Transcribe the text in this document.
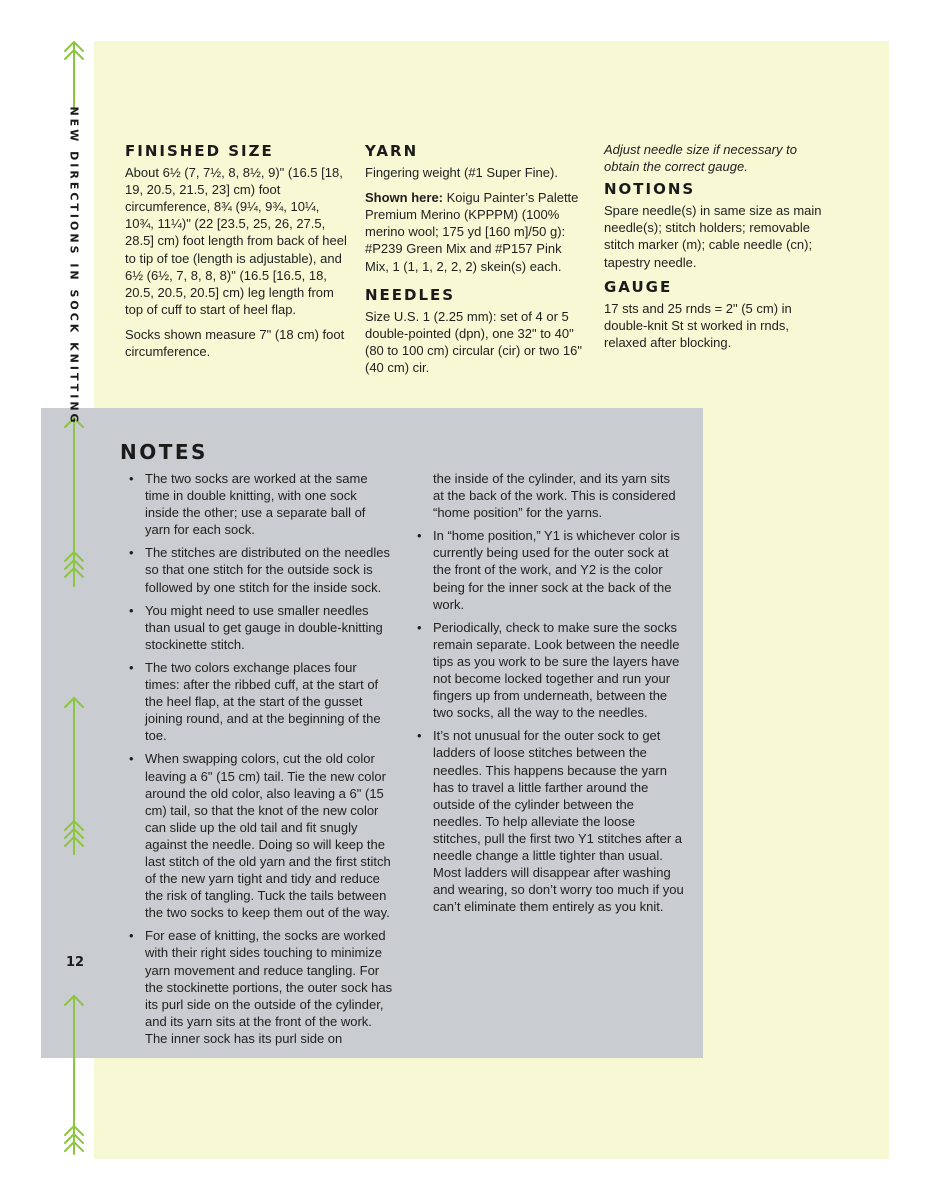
NEW DIRECTIONS IN SOCK KNITTING
12
FINISHED SIZE

About 6½ (7, 7½, 8, 8½, 9)" (16.5 [18, 19, 20.5, 21.5, 23] cm) foot circumference, 8¾ (9¼, 9¾, 10¼, 10¾, 11¼)" (22 [23.5, 25, 26, 27.5, 28.5] cm) foot length from back of heel to tip of toe (length is adjustable), and 6½ (6½, 7, 8, 8, 8)" (16.5 [16.5, 18, 20.5, 20.5, 20.5] cm) leg length from top of cuff to start of heel flap.

Socks shown measure 7" (18 cm) foot circumference.

YARN

Fingering weight (#1 Super Fine).

Shown here: Koigu Painter’s Palette Premium Merino (KPPPM) (100% merino wool; 175 yd [160 m]/50 g): #P239 Green Mix and #P157 Pink Mix, 1 (1, 1, 2, 2, 2) skein(s) each.

NEEDLES

Size U.S. 1 (2.25 mm): set of 4 or 5 double-pointed (dpn), one 32" to 40" (80 to 100 cm) circular (cir) or two 16" (40 cm) cir.

Adjust needle size if necessary to obtain the correct gauge.

NOTIONS

Spare needle(s) in same size as main needle(s); stitch holders; removable stitch marker (m); cable needle (cn); tapestry needle.

GAUGE

17 sts and 25 rnds = 2" (5 cm) in double-knit St st worked in rnds, relaxed after blocking.

NOTES
• The two socks are worked at the same time in double knitting, with one sock inside the other; use a separate ball of yarn for each sock.
• The stitches are distributed on the needles so that one stitch for the outside sock is followed by one stitch for the inside sock.
• You might need to use smaller needles than usual to get gauge in double-knitting stockinette stitch.
• The two colors exchange places four times: after the ribbed cuff, at the start of the heel flap, at the start of the gusset joining round, and at the beginning of the toe.
• When swapping colors, cut the old color leaving a 6" (15 cm) tail. Tie the new color around the old color, also leaving a 6" (15 cm) tail, so that the knot of the new color can slide up the old tail and fit snugly against the needle. Doing so will keep the last stitch of the old yarn and the first stitch of the new yarn tight and tidy and reduce the risk of tangling. Tuck the tails between the two socks to keep them out of the way.
• For ease of knitting, the socks are worked with their right sides touching to minimize yarn movement and reduce tangling. For the stockinette portions, the outer sock has its purl side on the outside of the cylinder, and its yarn sits at the front of the work. The inner sock has its purl side on
the inside of the cylinder, and its yarn sits at the back of the work. This is considered “home position” for the yarns.
• In “home position,” Y1 is whichever color is currently being used for the outer sock at the front of the work, and Y2 is the color being for the inner sock at the back of the work.
• Periodically, check to make sure the socks remain separate. Look between the needle tips as you work to be sure the layers have not become locked together and run your fingers up from underneath, between the two socks, all the way to the needles.
• It’s not unusual for the outer sock to get ladders of loose stitches between the needles. This happens because the yarn has to travel a little farther around the outside of the cylinder between the needles. To help alleviate the loose stitches, pull the first two Y1 stitches after a needle change a little tighter than usual. Most ladders will disappear after washing and wearing, so don’t worry too much if you can’t eliminate them entirely as you knit.
